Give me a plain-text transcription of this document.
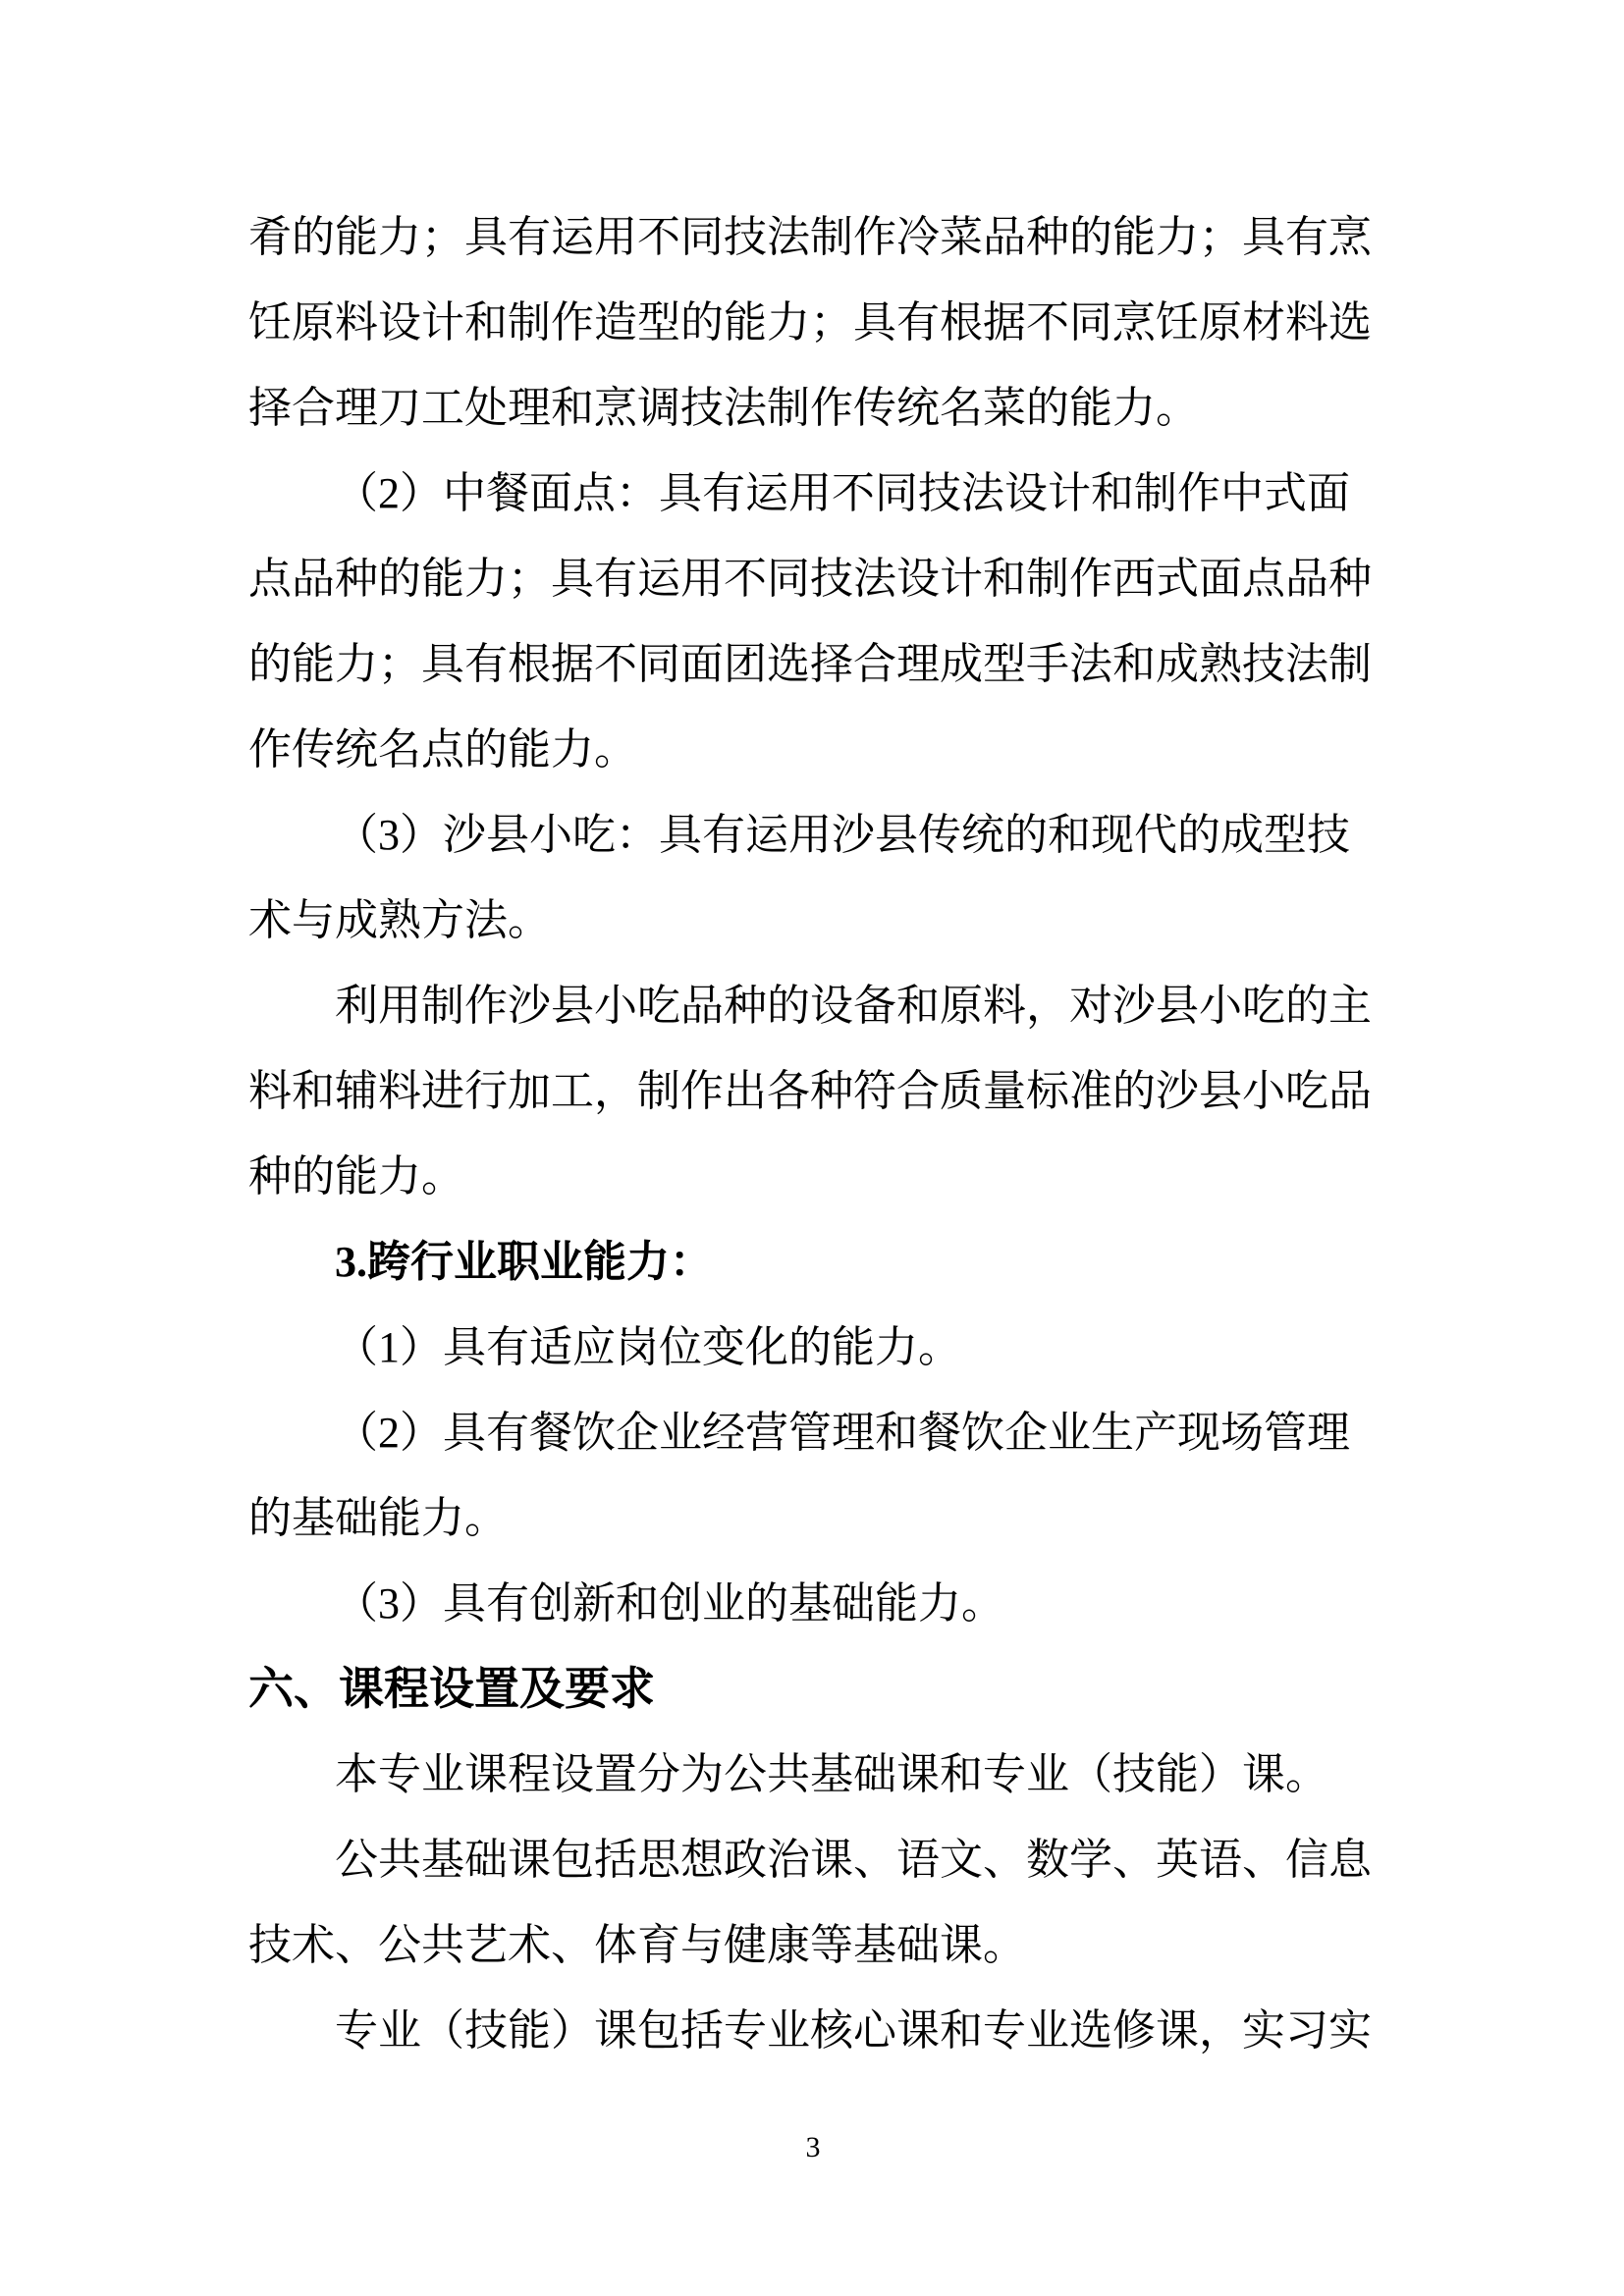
肴的能力；具有运用不同技法制作冷菜品种的能力；具有烹
饪原料设计和制作造型的能力；具有根据不同烹饪原材料选
择合理刀工处理和烹调技法制作传统名菜的能力。
（2）中餐面点：具有运用不同技法设计和制作中式面
点品种的能力；具有运用不同技法设计和制作西式面点品种
的能力；具有根据不同面团选择合理成型手法和成熟技法制
作传统名点的能力。
（3）沙县小吃：具有运用沙县传统的和现代的成型技
术与成熟方法。
利用制作沙县小吃品种的设备和原料，对沙县小吃的主
料和辅料进行加工，制作出各种符合质量标准的沙县小吃品
种的能力。
3.跨行业职业能力：
（1）具有适应岗位变化的能力。
（2）具有餐饮企业经营管理和餐饮企业生产现场管理
的基础能力。
（3）具有创新和创业的基础能力。
六、课程设置及要求
本专业课程设置分为公共基础课和专业（技能）课。
公共基础课包括思想政治课、语文、数学、英语、信息
技术、公共艺术、体育与健康等基础课。
专业（技能）课包括专业核心课和专业选修课，实习实
3
